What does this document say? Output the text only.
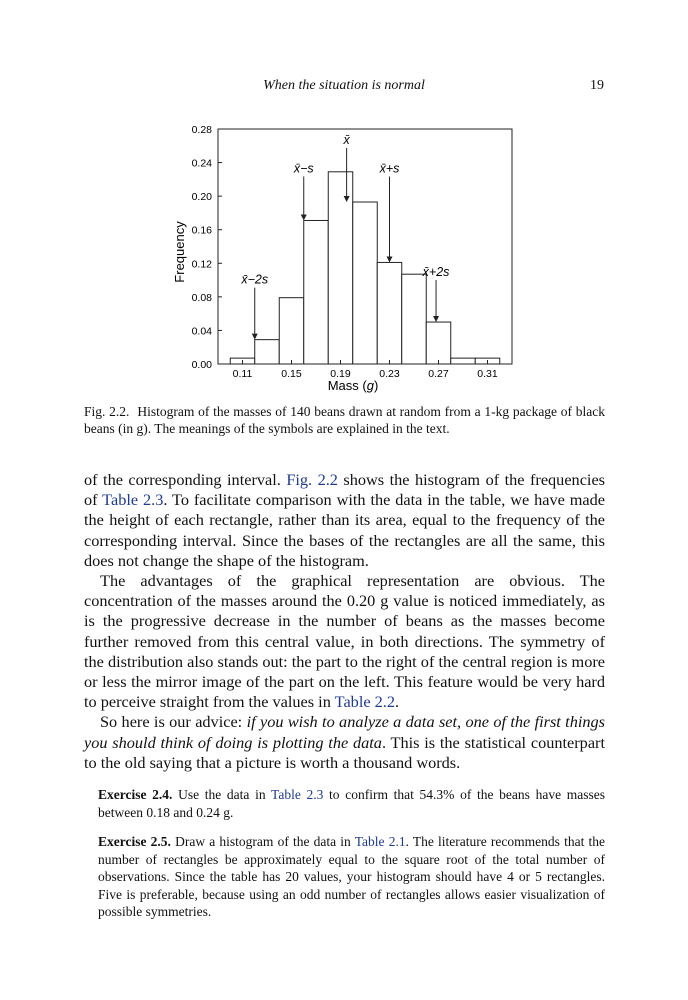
When the situation is normal	19
0.00
0.04
0.08
0.12
0.16
0.20
0.24
0.28
0.11	0.15	0.19	0.23	0.27	0.31
x̄−2s
x̄−s
x̄
x̄+s
x̄+2s
Frequency
Mass (g)
Fig. 2.2. Histogram of the masses of 140 beans drawn at random from a 1-kg package of black beans (in g). The meanings of the symbols are explained in the text.

of the corresponding interval. Fig. 2.2 shows the histogram of the frequencies of Table 2.3. To facilitate comparison with the data in the table, we have made the height of each rectangle, rather than its area, equal to the frequency of the corresponding interval. Since the bases of the rectangles are all the same, this does not change the shape of the histogram.

The advantages of the graphical representation are obvious. The concentration of the masses around the 0.20 g value is noticed immediately, as is the progressive decrease in the number of beans as the masses become further removed from this central value, in both directions. The symmetry of the distribution also stands out: the part to the right of the central region is more or less the mirror image of the part on the left. This feature would be very hard to perceive straight from the values in Table 2.2.

So here is our advice: if you wish to analyze a data set, one of the first things you should think of doing is plotting the data. This is the statistical counterpart to the old saying that a picture is worth a thousand words.

Exercise 2.4. Use the data in Table 2.3 to confirm that 54.3% of the beans have masses between 0.18 and 0.24 g.
Exercise 2.5. Draw a histogram of the data in Table 2.1. The literature recommends that the number of rectangles be approximately equal to the square root of the total number of observations. Since the table has 20 values, your histogram should have 4 or 5 rectangles. Five is preferable, because using an odd number of rectangles allows easier visualization of possible symmetries.
